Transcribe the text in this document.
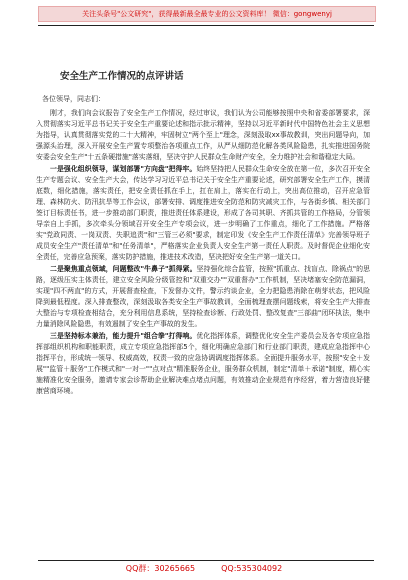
关注头条号"公文研究"，获得最新最全最专业的公文资料库！ 微信：gongwenyj
安全生产工作情况的点评讲话
各位领导，同志们：

刚才，我们向会议报告了安全生产工作情况，经过审议，我们认为公司能够按照中央和省委部署要求，深入贯彻落实习近平总书记关于安全生产重要论述和指示批示精神，坚持以习近平新时代中国特色社会主义思想为指导，认真贯彻落实党的二十大精神，牢固树立"两个至上"理念，深刻汲取xx事故教训，突出问题导向，加强源头治理，深入开展安全生产置专项整治各项重点工作，从严从细防范化解各类风险隐患，扎实推进国务院安委会安全生产"十五条硬措施"落实落细，坚决守护人民群众生命财产安全，全力维护社会和谐稳定大局。

一是强化组织领导，谋划部署"方向盘"把得牢。始终坚持把人民群众生命安全放在第一位，多次召开安全生产专题会议、安全生产大会，传达学习习近平总书记关于安全生产重要论述，研究部署安全生产工作，摸清底数，细化措施，落实责任，把安全责任抓在手上，扛在肩上，落实在行动上，突出高位推动，召开应急管理、森林防火、防汛抗旱等工作会议，部署安排、调度推进安全防范和防灾减灾工作，与各街乡镇、相关部门签订目标责任书，进一步推动部门职责，推进责任体系建设，形成了各司其职、齐抓共管的工作格局，分管领导亲自上手抓，多次牵头分领域召开安全生产专项会议，进一步明确了工作重点，细化了工作措施。严格落实"党政同责、一岗双责、失职追责"和"三管三必须"要求，制定印发《安全生产工作责任清单》完善领导班子成员安全生产"责任清单"和"任务清单"，严格落实企业负责人安全生产第一责任人职责。及时督促企业细化安全责任，完善应急预案，落实防护措施，推进技术改造，坚决把好安全生产第一道关口。

二是聚焦重点领域，问题整改"牛鼻子"抓得紧。坚持强化综合监管，按照"抓重点、找盲点、除祸点"的思路，逐级压实主体责任，建立安全风险分级管控和"双重交办""双重督办"工作机制，坚决堵塞安全防范漏洞，实现"四不两直"的方式，开展督查检查，下发督办文件，警示约谈企业，全力把隐患消除在萌芽状态，把风险降到最低程度。深入排查整改，深刻汲取各类安全生产事故教训，全面梳理查摆问题线索，将安全生产大排查大整治与专项检查相结合，充分利用信息系统，坚持检查诊断、行政处罚、整改复查"三部曲"闭环执法，集中力量消除风险隐患，有效遏制了安全生产事故的发生。

三是坚持标本兼治，能力提升"组合拳"打得响。优化指挥体系，调整优化安全生产委员会及各专项应急指挥部组织机构和职能职责，成立专项应急指挥部5个，细化明确应急部门和行业部门职责，建成应急指挥中心指挥平台，形成统一领导、权威高效，权责一致的应急协调调度指挥体系。全面提升服务水平，按照"安全＋发展""监管＋服务"工作模式和"一对一""点对点"精准服务企业，服务群众机制，制定"清单＋承诺"制度，精心实施精准化安全服务，邀请专家会诊帮助企业解决难点堵点问题，有效推动企业规范有序经营，着力营造良好健康营商环境。

QQ群：30265665	QQ:535304092
